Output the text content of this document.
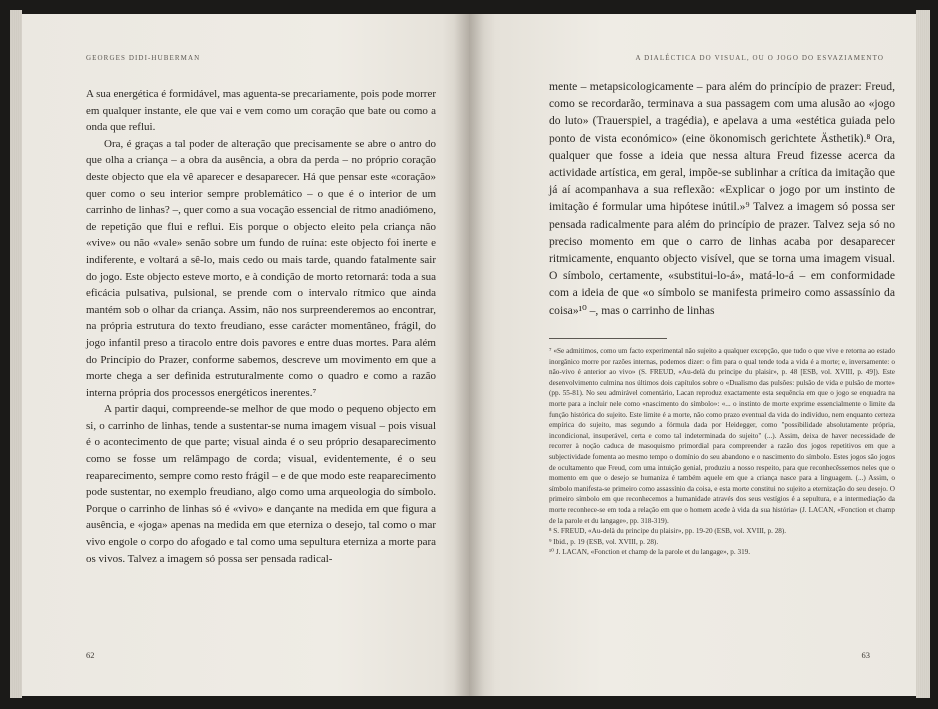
GEORGES DIDI-HUBERMAN

A sua energética é formidável, mas aguenta-se precariamente, pois pode morrer em qualquer instante, ele que vai e vem como um coração que bate ou como a onda que reflui.

Ora, é graças a tal poder de alteração que precisamente se abre o antro do que olha a criança – a obra da ausência, a obra da perda – no próprio coração deste objecto que ela vê aparecer e desaparecer. Há que pensar este «coração» quer como o seu interior sempre problemático – o que é o interior de um carrinho de linhas? –, quer como a sua vocação essencial de ritmo anadiómeno, de repetição que flui e reflui. Eis porque o objecto eleito pela criança não «vive» ou não «vale» senão sobre um fundo de ruína: este objecto foi inerte e indiferente, e voltará a sê-lo, mais cedo ou mais tarde, quando fatalmente sair do jogo. Este objecto esteve morto, e à condição de morto retornará: toda a sua eficácia pulsativa, pulsional, se prende com o intervalo rítmico que ainda mantém sob o olhar da criança. Assim, não nos surpreenderemos ao encontrar, na própria estrutura do texto freudiano, esse carácter momentâneo, frágil, do jogo infantil preso a tiracolo entre dois pavores e entre duas mortes. Para além do Princípio do Prazer, conforme sabemos, descreve um movimento em que a morte chega a ser definida estruturalmente como o quadro e como a razão interna própria dos processos energéticos inerentes.⁷

A partir daqui, compreende-se melhor de que modo o pequeno objecto em si, o carrinho de linhas, tende a sustentar-se numa imagem visual – pois visual é o acontecimento de que parte; visual ainda é o seu próprio desaparecimento como se fosse um relâmpago de corda; visual, evidentemente, é o seu reaparecimento, sempre como resto frágil – e de que modo este reaparecimento pode sustentar, no exemplo freudiano, algo como uma arqueologia do símbolo. Porque o carrinho de linhas só é «vivo» e dançante na medida em que figura a ausência, e «joga» apenas na medida em que eterniza o desejo, tal como o mar vivo engole o corpo do afogado e tal como uma sepultura eterniza a morte para os vivos. Talvez a imagem só possa ser pensada radical-

62
A DIALÉCTICA DO VISUAL, OU O JOGO DO ESVAZIAMENTO

mente – metapsicologicamente – para além do princípio de prazer: Freud, como se recordarão, terminava a sua passagem com uma alusão ao «jogo do luto» (Trauerspiel, a tragédia), e apelava a uma «estética guiada pelo ponto de vista económico» (eine ökonomisch gerichtete Ästhetik).⁸ Ora, qualquer que fosse a ideia que nessa altura Freud fizesse acerca da actividade artística, em geral, impõe-se sublinhar a crítica da imitação que já aí acompanhava a sua reflexão: «Explicar o jogo por um instinto de imitação é formular uma hipótese inútil.»⁹ Talvez a imagem só possa ser pensada radicalmente para além do princípio de prazer. Talvez seja só no preciso momento em que o carro de linhas acaba por desaparecer ritmicamente, enquanto objecto visível, que se torna uma imagem visual. O símbolo, certamente, «substitui-lo-á», matá-lo-á – em conformidade com a ideia de que «o símbolo se manifesta primeiro como assassínio da coisa»¹⁰ –, mas o carrinho de linhas

⁷ «Se admitimos, como um facto experimental não sujeito a qualquer excepção, que tudo o que vive e retorna ao estado inorgânico morre por razões internas, podemos dizer: o fim para o qual tende toda a vida é a morte; e, inversamente: o não-vivo é anterior ao vivo» (S. FREUD, «Au-delà du principe du plaisir», p. 48 [ESB, vol. XVIII, p. 49]). Este desenvolvimento culmina nos últimos dois capítulos sobre o «Dualismo das pulsões: pulsão de vida e pulsão de morte» (pp. 55-81). No seu admirável comentário, Lacan reproduz exactamente esta sequência em que o jogo se enquadra na morte para a incluir nele como «nascimento do símbolo»: «... o instinto de morte exprime essencialmente o limite da função histórica do sujeito. Este limite é a morte, não como prazo eventual da vida do indivíduo, nem enquanto certeza empírica do sujeito, mas segundo a fórmula dada por Heidegger, como "possibilidade absolutamente própria, incondicional, insuperável, certa e como tal indeterminada do sujeito" (...). Assim, deixa de haver necessidade de recorrer à noção caduca de masoquismo primordial para compreender a razão dos jogos repetitivos em que a subjectividade fomenta ao mesmo tempo o domínio do seu abandono e o nascimento do símbolo. Estes jogos são jogos de ocultamento que Freud, com uma intuição genial, produziu a nosso respeito, para que reconhecêssemos neles que o momento em que o desejo se humaniza é também aquele em que a criança nasce para a linguagem. (...) Assim, o símbolo manifesta-se primeiro como assassínio da coisa, e esta morte constitui no sujeito a eternização do seu desejo. O primeiro símbolo em que reconhecemos a humanidade através dos seus vestígios é a sepultura, e a intermediação da morte reconhece-se em toda a relação em que o homem acede à vida da sua história» (J. LACAN, «Fonction et champ de la parole et du langage», pp. 318-319).

⁸ S. FREUD, «Au-delà du principe du plaisir», pp. 19-20 (ESB, vol. XVIII, p. 28).

⁹ Ibid., p. 19 (ESB, vol. XVIII, p. 28).

¹⁰ J. LACAN, «Fonction et champ de la parole et du langage», p. 319.

63
